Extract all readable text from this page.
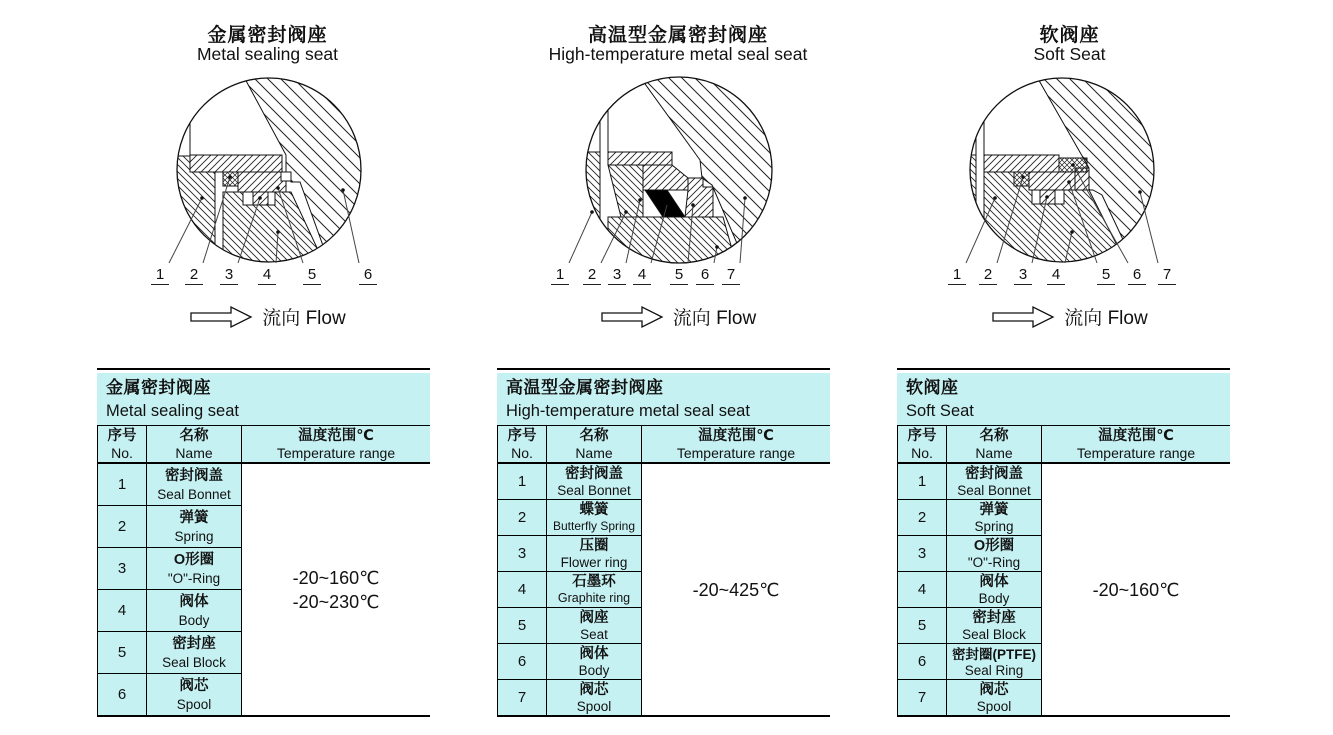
金属密封阀座
Metal sealing seat
1	2	3	4	5	6
流向 Flow
高温型金属密封阀座
High-temperature metal seal seat
1	2	3	4	5	6	7
流向 Flow
软阀座
Soft Seat
1	2	3	4	5	6	7
流向 Flow
金属密封阀座
Metal sealing seat
序号
No.
名称
Name
温度范围℃
Temperature range
1	密封阀盖
Seal Bonnet
2	弹簧
Spring
3	O形圈
"O"-Ring
4	阀体
Body
5	密封座
Seal Block
6	阀芯
Spool
-20~160℃
-20~230℃
高温型金属密封阀座
High-temperature metal seal seat
序号
No.
名称
Name
温度范围℃
Temperature range
1	密封阀盖
Seal Bonnet
2	蝶簧
Butterfly Spring
3	压圈
Flower ring
4	石墨环
Graphite ring
5	阀座
Seat
6	阀体
Body
7	阀芯
Spool
-20~425℃
软阀座
Soft Seat
序号
No.
名称
Name
温度范围℃
Temperature range
1	密封阀盖
Seal Bonnet
2	弹簧
Spring
3	O形圈
"O"-Ring
4	阀体
Body
5	密封座
Seal Block
6	密封圈(PTFE)
Seal Ring
7	阀芯
Spool
-20~160℃
